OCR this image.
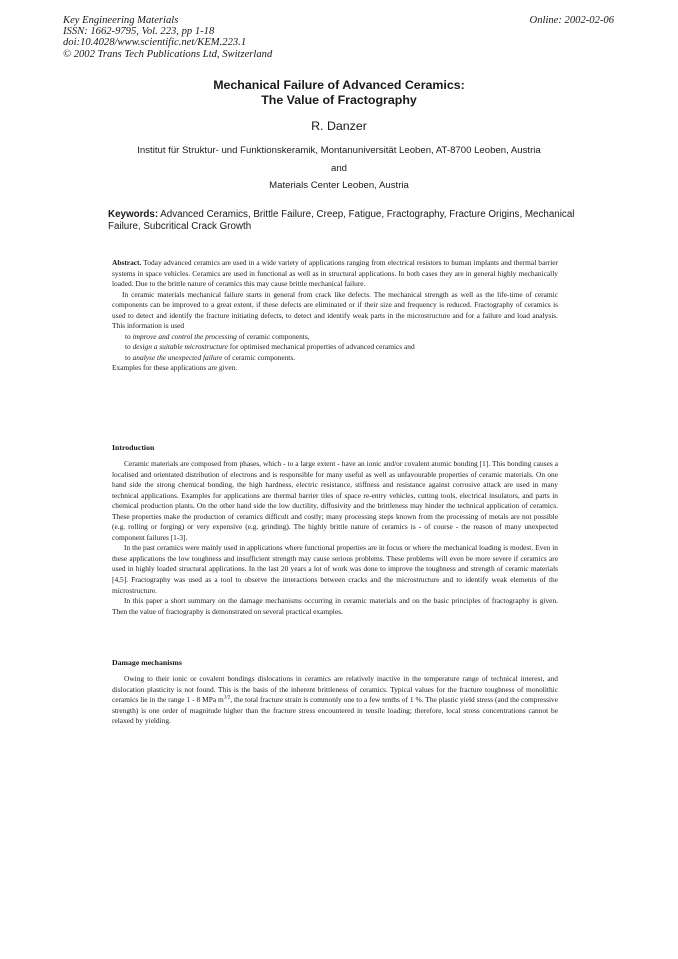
Key Engineering Materials
ISSN: 1662-9795, Vol. 223, pp 1-18
doi:10.4028/www.scientific.net/KEM.223.1
© 2002 Trans Tech Publications Ltd, Switzerland
Online: 2002-02-06
Mechanical Failure of Advanced Ceramics:
The Value of Fractography
R. Danzer
Institut für Struktur- und Funktionskeramik, Montanuniversität Leoben, AT-8700 Leoben, Austria
and
Materials Center Leoben, Austria
Keywords: Advanced Ceramics, Brittle Failure, Creep, Fatigue, Fractography, Fracture Origins, Mechanical Failure, Subcritical Crack Growth

Abstract. Today advanced ceramics are used in a wide variety of applications ranging from electrical resistors to human implants and thermal barrier systems in space vehicles. Ceramics are used in functional as well as in structural applications. In both cases they are in general highly mechanically loaded. Due to the brittle nature of ceramics this may cause brittle mechanical failure.

In ceramic materials mechanical failure starts in general from crack like defects. The mechanical strength as well as the life-time of ceramic components can be improved to a great extent, if these defects are eliminated or if their size and frequency is reduced. Fractography of ceramics is used to detect and identify the fracture initiating defects, to detect and identify weak parts in the microstructure and for a failure and load analysis. This information is used

to improve and control the processing of ceramic components,

to design a suitable microstructure for optimised mechanical properties of advanced ceramics and

to analyse the unexpected failure of ceramic components.

Examples for these applications are given.

Introduction

Ceramic materials are composed from phases, which - to a large extent - have an ionic and/or covalent atomic bonding [1]. This bonding causes a localised and orientated distribution of electrons and is responsible for many useful as well as unfavourable properties of ceramic materials. On one hand side the strong chemical bonding, the high hardness, electric resistance, stiffness and resistance against corrosive attack are used in many technical applications. Examples for applications are thermal barrier tiles of space re-entry vehicles, cutting tools, electrical insulators, and parts in chemical production plants. On the other hand side the low ductility, diffusivity and the brittleness may hinder the technical application of ceramics. These properties make the production of ceramics difficult and costly; many processing steps known from the processing of metals are not possible (e.g. rolling or forging) or very expensive (e.g. grinding). The highly brittle nature of ceramics is - of course - the reason of many unexpected component failures [1-3].

In the past ceramics were mainly used in applications where functional properties are in focus or where the mechanical loading is modest. Even in these applications the low toughness and insufficient strength may cause serious problems. These problems will even be more severe if ceramics are used in highly loaded structural applications. In the last 20 years a lot of work was done to improve the toughness and strength of ceramic materials [4,5]. Fractography was used as a tool to observe the interactions between cracks and the microstructure and to identify weak elements of the microstructure.

In this paper a short summary on the damage mechanisms occurring in ceramic materials and on the basic principles of fractography is given. Then the value of fractography is demonstrated on several practical examples.

Damage mechanisms

Owing to their ionic or covalent bondings dislocations in ceramics are relatively inactive in the temperature range of technical interest, and dislocation plasticity is not found. This is the basis of the inherent brittleness of ceramics. Typical values for the fracture toughness of monolithic ceramics lie in the range 1 - 8 MPa $m^{1/2}$, the total fracture strain is commonly one to a few tenths of 1 %. The plastic yield stress (and the compressive strength) is one order of magnitude higher than the fracture stress encountered in tensile loading; therefore, local stress concentrations cannot be relaxed by yielding.
